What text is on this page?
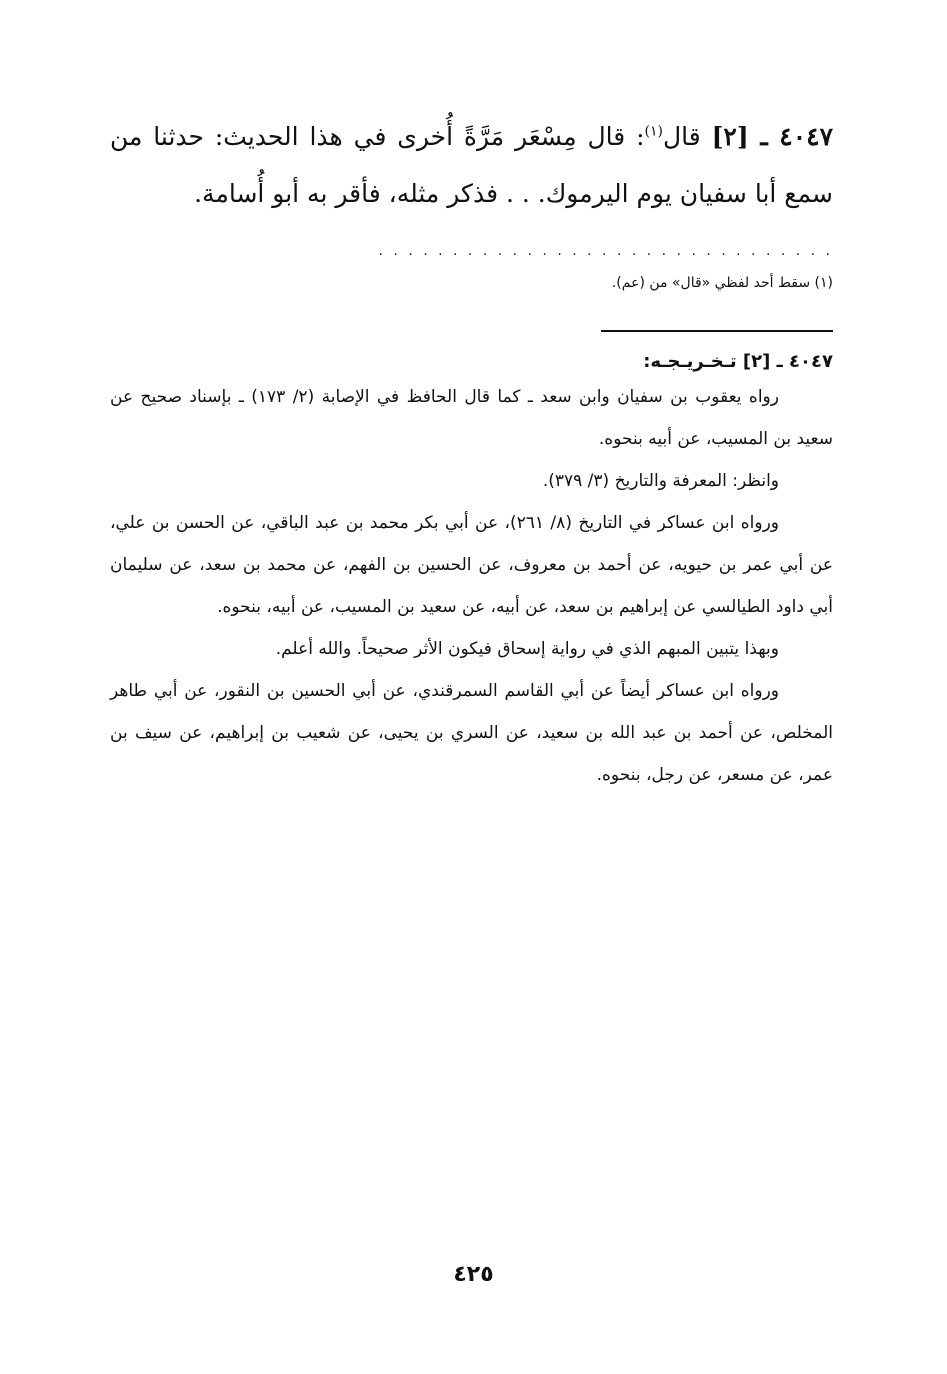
٤٠٤٧ ـ [٢] قال$^{(١)}$: قال مِسْعَر مَرَّةً أُخرى في هذا الحديث: حدثنا من سمع أبا سفيان يوم اليرموك. . . فذكر مثله، فأقر به أبو أُسامة.

. . . . . . . . . . . . . . . . . . . . . . . . . . . . . . .
(١) سقط أحد لفظي «قال» من (عم).
٤٠٤٧ ـ [٢] تـخـريـجـه:

رواه يعقوب بن سفيان وابن سعد ـ كما قال الحافظ في الإصابة (٢/ ١٧٣) ـ بإسناد صحيح عن سعيد بن المسيب، عن أبيه بنحوه.

وانظر: المعرفة والتاريخ (٣/ ٣٧٩).

ورواه ابن عساكر في التاريخ (٨/ ٢٦١)، عن أبي بكر محمد بن عبد الباقي، عن الحسن بن علي، عن أبي عمر بن حيويه، عن أحمد بن معروف، عن الحسين بن الفهم، عن محمد بن سعد، عن سليمان أبي داود الطيالسي عن إبراهيم بن سعد، عن أبيه، عن سعيد بن المسيب، عن أبيه، بنحوه.

وبهذا يتبين المبهم الذي في رواية إسحاق فيكون الأثر صحيحاً. والله أعلم.

ورواه ابن عساكر أيضاً عن أبي القاسم السمرقندي، عن أبي الحسين بن النقور، عن أبي طاهر المخلص، عن أحمد بن عبد الله بن سعيد، عن السري بن يحيى، عن شعيب بن إبراهيم، عن سيف بن عمر، عن مسعر، عن رجل، بنحوه.

٤٢٥
